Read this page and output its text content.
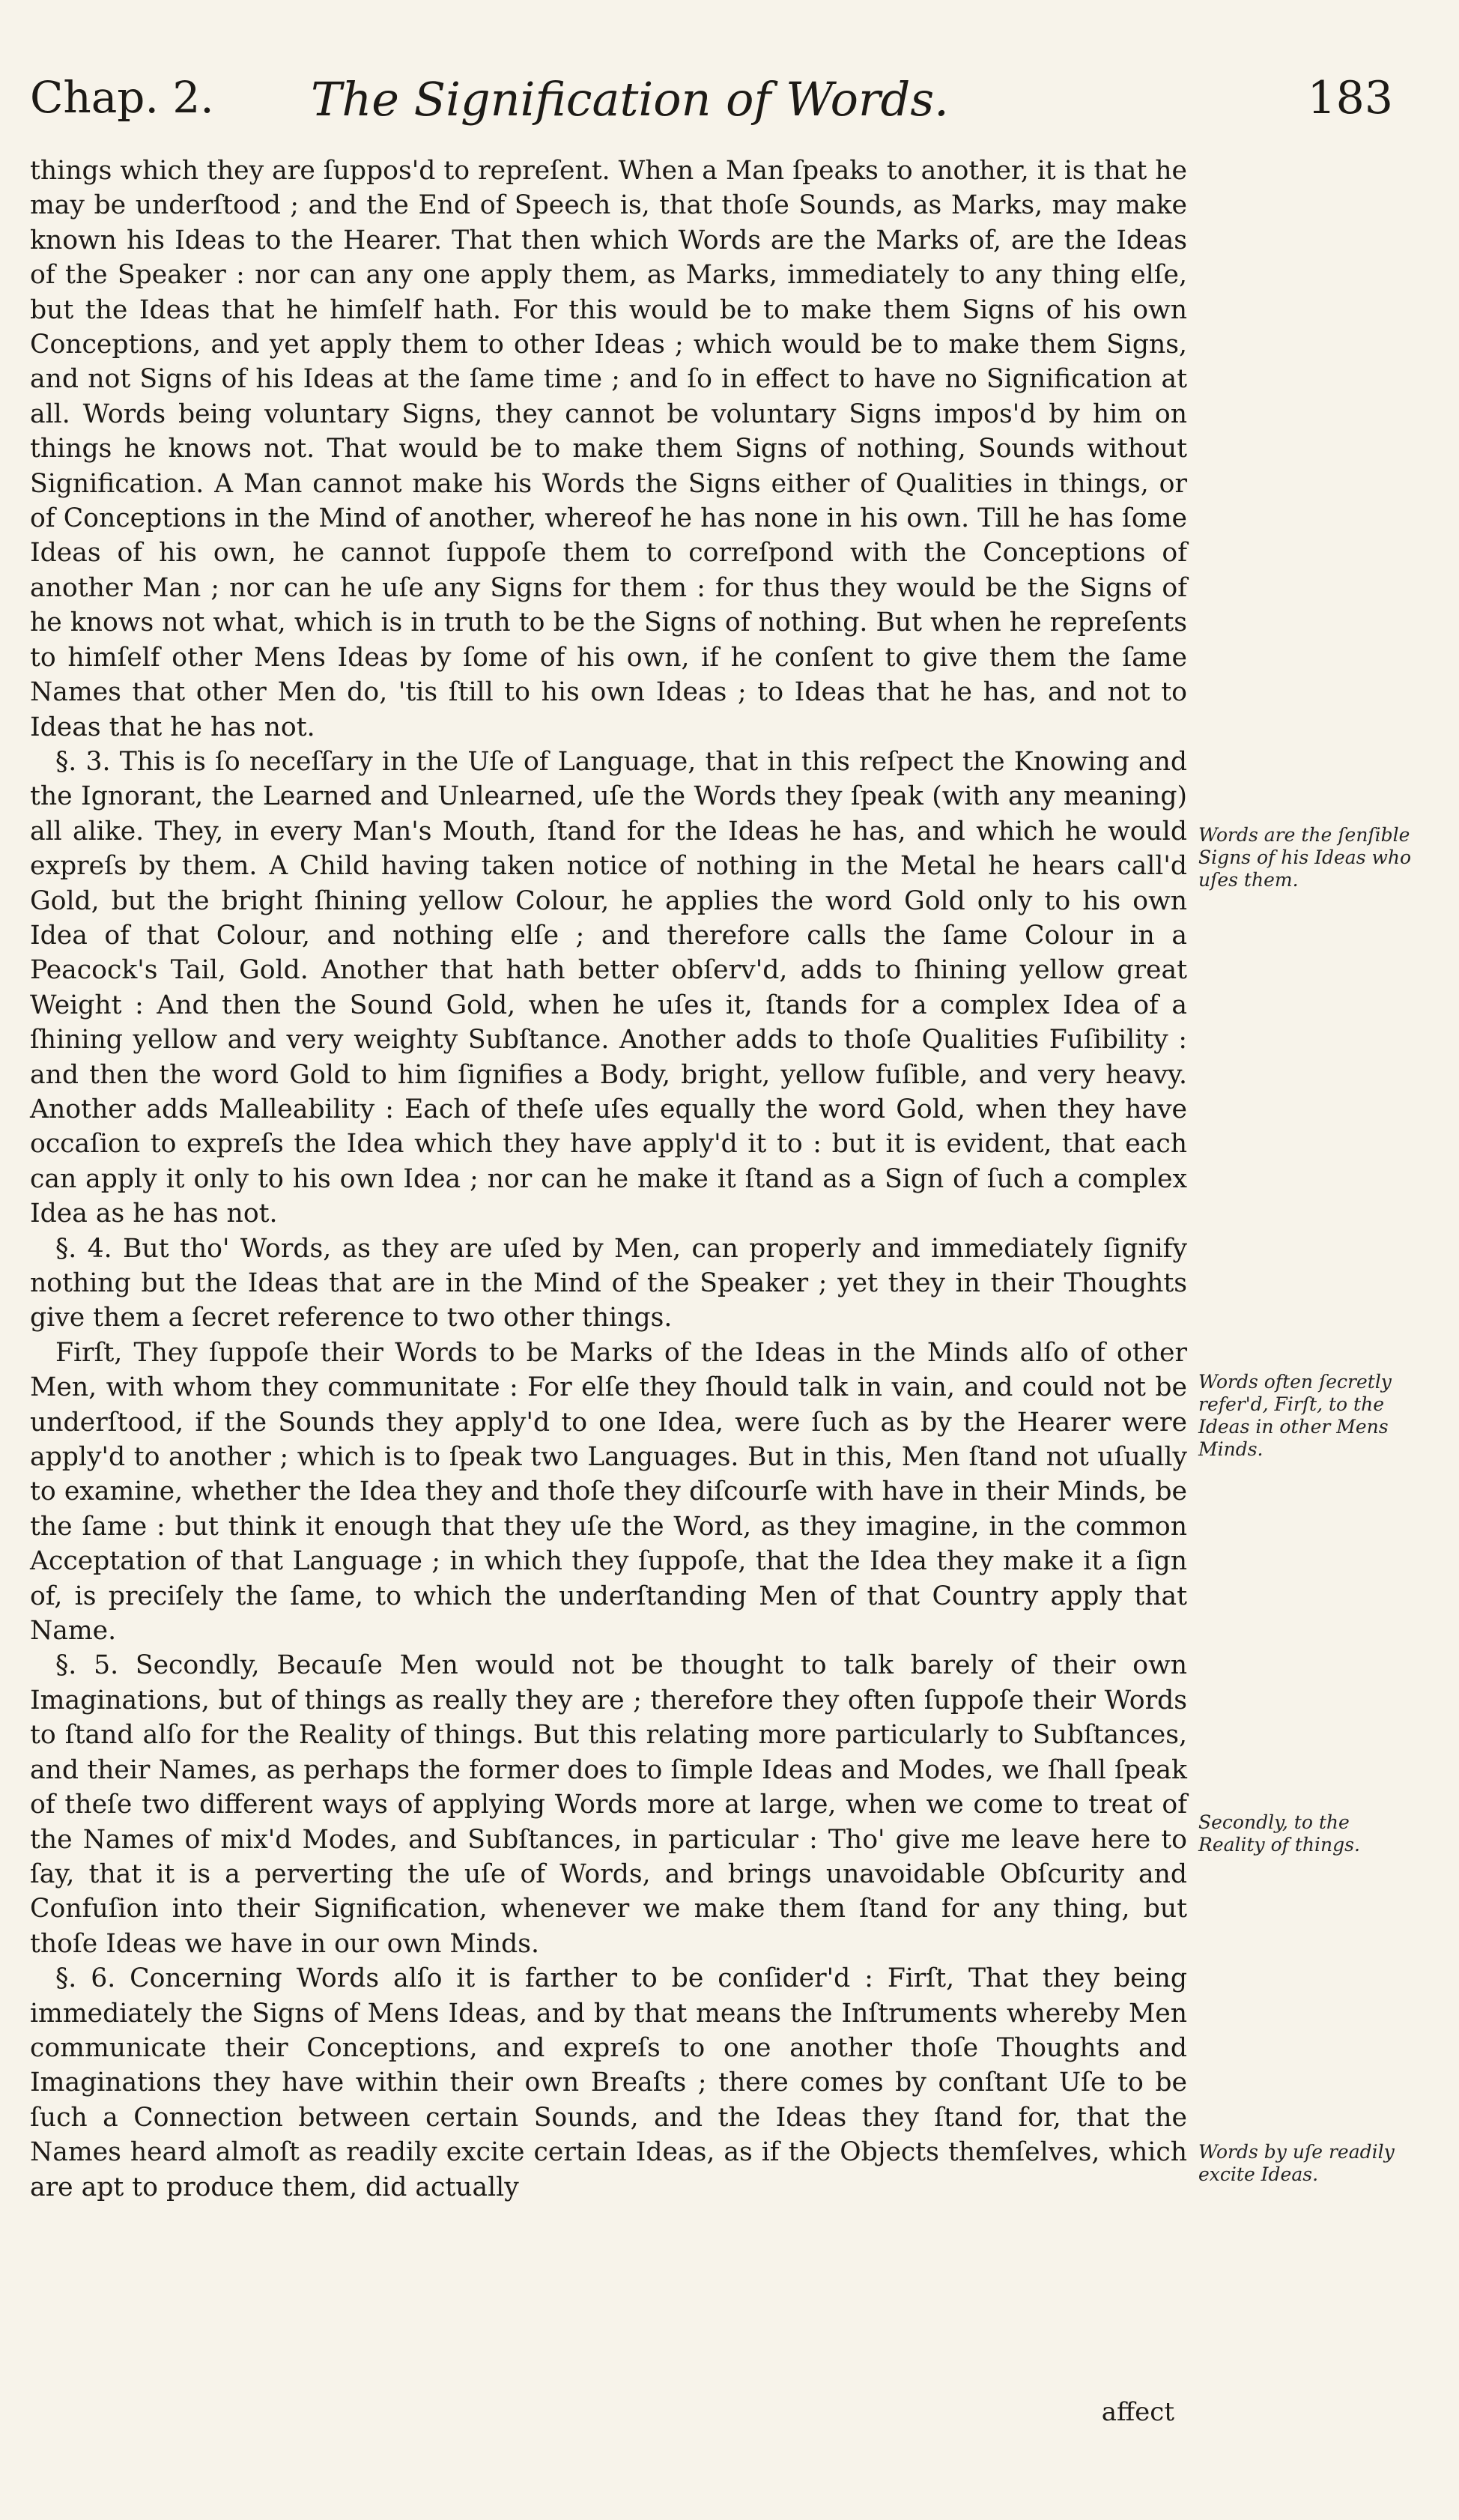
Chap. 2. The Signification of Words.	183

things which they are ſuppos'd to repreſent. When a Man ſpeaks to another, it is that he may be underſtood ; and the End of Speech is, that thoſe Sounds, as Marks, may make known his Ideas to the Hearer. That then which Words are the Marks of, are the Ideas of the Speaker : nor can any one apply them, as Marks, immediately to any thing elſe, but the Ideas that he himſelf hath. For this would be to make them Signs of his own Conceptions, and yet apply them to other Ideas ; which would be to make them Signs, and not Signs of his Ideas at the ſame time ; and ſo in effect to have no Signification at all. Words being voluntary Signs, they cannot be voluntary Signs impos'd by him on things he knows not. That would be to make them Signs of nothing, Sounds without Signification. A Man cannot make his Words the Signs either of Qualities in things, or of Conceptions in the Mind of another, whereof he has none in his own. Till he has ſome Ideas of his own, he cannot ſuppoſe them to correſpond with the Conceptions of another Man ; nor can he uſe any Signs for them : for thus they would be the Signs of he knows not what, which is in truth to be the Signs of nothing. But when he repreſents to himſelf other Mens Ideas by ſome of his own, if he conſent to give them the ſame Names that other Men do, 'tis ſtill to his own Ideas ; to Ideas that he has, and not to Ideas that he has not.

§. 3. This is ſo neceſſary in the Uſe of Language, that in this reſpect the Knowing and the Ignorant, the Learned and Unlearned, uſe the Words they ſpeak (with any meaning) all alike. They, in every Man's Mouth, ſtand for the Ideas he has, and which he would expreſs by them. A Child having taken notice of nothing in the Metal he hears call'd Gold, but the bright ſhining yellow Colour, he applies the word Gold only to his own Idea of that Colour, and nothing elſe ; and therefore calls the ſame Colour in a Peacock's Tail, Gold. Another that hath better obſerv'd, adds to ſhining yellow great Weight : And then the Sound Gold, when he uſes it, ſtands for a complex Idea of a ſhining yellow and very weighty Subſtance. Another adds to thoſe Qualities Fuſibility : and then the word Gold to him ſignifies a Body, bright, yellow fuſible, and very heavy. Another adds Malleability : Each of theſe uſes equally the word Gold, when they have occaſion to expreſs the Idea which they have apply'd it to : but it is evident, that each can apply it only to his own Idea ; nor can he make it ſtand as a Sign of ſuch a complex Idea as he has not.

§. 4. But tho' Words, as they are uſed by Men, can properly and immediately ſignify nothing but the Ideas that are in the Mind of the Speaker ; yet they in their Thoughts give them a ſecret reference to two other things.

Firſt, They ſuppoſe their Words to be Marks of the Ideas in the Minds alſo of other Men, with whom they communitate : For elſe they ſhould talk in vain, and could not be underſtood, if the Sounds they apply'd to one Idea, were ſuch as by the Hearer were apply'd to another ; which is to ſpeak two Languages. But in this, Men ſtand not uſually to examine, whether the Idea they and thoſe they diſcourſe with have in their Minds, be the ſame : but think it enough that they uſe the Word, as they imagine, in the common Acceptation of that Language ; in which they ſuppoſe, that the Idea they make it a ſign of, is preciſely the ſame, to which the underſtanding Men of that Country apply that Name.

§. 5. Secondly, Becauſe Men would not be thought to talk barely of their own Imaginations, but of things as really they are ; therefore they often ſuppoſe their Words to ſtand alſo for the Reality of things. But this relating more particularly to Subſtances, and their Names, as perhaps the former does to ſimple Ideas and Modes, we ſhall ſpeak of theſe two different ways of applying Words more at large, when we come to treat of the Names of mix'd Modes, and Subſtances, in particular : Tho' give me leave here to ſay, that it is a perverting the uſe of Words, and brings unavoidable Obſcurity and Confuſion into their Signification, whenever we make them ſtand for any thing, but thoſe Ideas we have in our own Minds.

§. 6. Concerning Words alſo it is farther to be conſider'd : Firſt, That they being immediately the Signs of Mens Ideas, and by that means the Inſtruments whereby Men communicate their Conceptions, and expreſs to one another thoſe Thoughts and Imaginations they have within their own Breaſts ; there comes by conſtant Uſe to be ſuch a Connection between certain Sounds, and the Ideas they ſtand for, that the Names heard almoſt as readily excite certain Ideas, as if the Objects themſelves, which are apt to produce them, did actually

Words are the ſenſible Signs of his Ideas who uſes them.
Words often ſecretly refer'd, Firſt, to the Ideas in other Mens Minds.
Secondly, to the Reality of things.
Words by uſe readily excite Ideas.
affect
